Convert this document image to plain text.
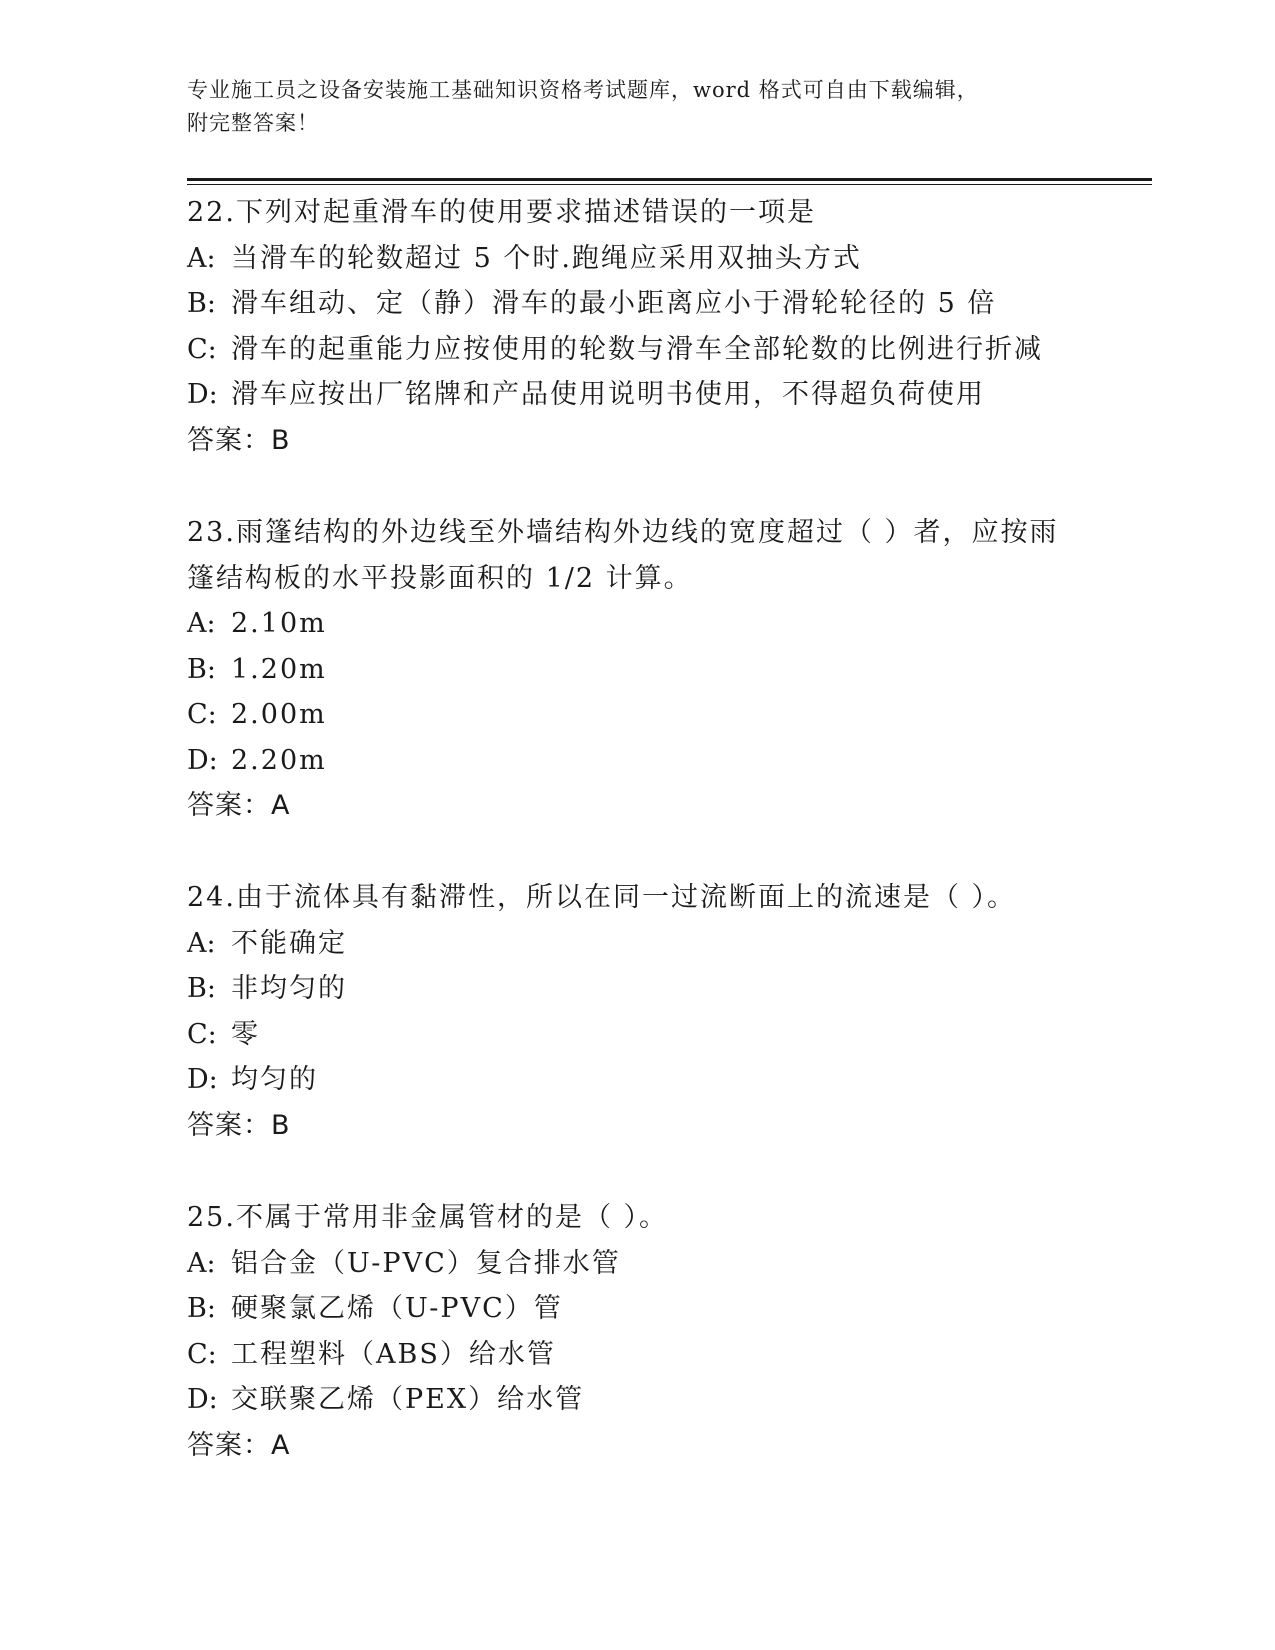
专业施工员之设备安装施工基础知识资格考试题库，word 格式可自由下载编辑，
附完整答案！
22.下列对起重滑车的使用要求描述错误的一项是
A: 当滑车的轮数超过 5 个时.跑绳应采用双抽头方式
B: 滑车组动、定（静）滑车的最小距离应小于滑轮轮径的 5 倍
C: 滑车的起重能力应按使用的轮数与滑车全部轮数的比例进行折减
D: 滑车应按出厂铭牌和产品使用说明书使用，不得超负荷使用
答案：B
23.雨篷结构的外边线至外墙结构外边线的宽度超过（ ）者，应按雨
篷结构板的水平投影面积的 1/2 计算。
A: 2.10m
B: 1.20m
C: 2.00m
D: 2.20m
答案：A
24.由于流体具有黏滞性，所以在同一过流断面上的流速是（ ）。
A: 不能确定
B: 非均匀的
C: 零
D: 均匀的
答案：B
25.不属于常用非金属管材的是（ ）。
A: 铝合金（U-PVC）复合排水管
B: 硬聚氯乙烯（U-PVC）管
C: 工程塑料（ABS）给水管
D: 交联聚乙烯（PEX）给水管
答案：A
